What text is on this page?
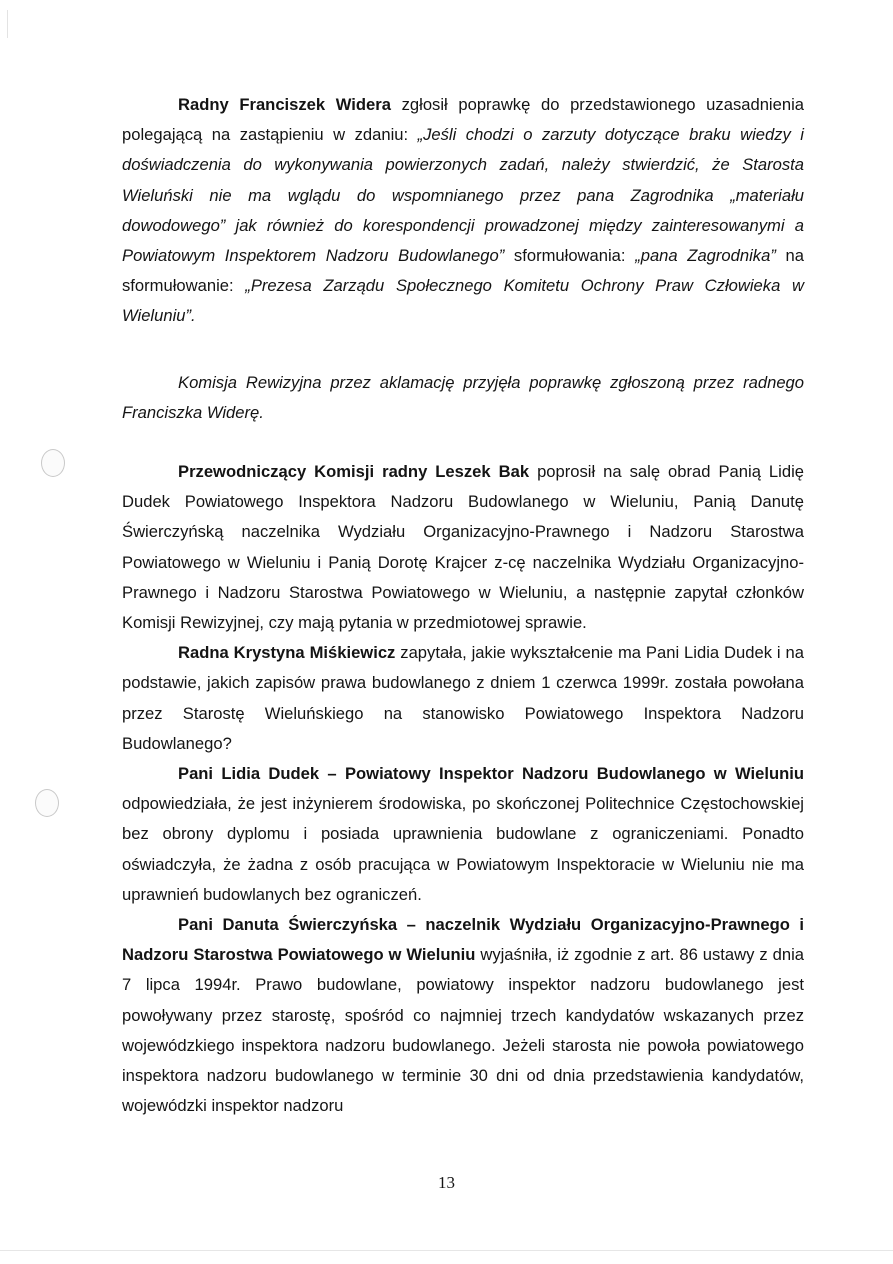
Radny Franciszek Widera zgłosił poprawkę do przedstawionego uzasadnienia polegającą na zastąpieniu w zdaniu: „Jeśli chodzi o zarzuty dotyczące braku wiedzy i doświadczenia do wykonywania powierzonych zadań, należy stwierdzić, że Starosta Wieluński nie ma wglądu do wspomnianego przez pana Zagrodnika „materiału dowodowego” jak również do korespondencji prowadzonej między zainteresowanymi a Powiatowym Inspektorem Nadzoru Budowlanego” sformułowania: „pana Zagrodnika” na sformułowanie: „Prezesa Zarządu Społecznego Komitetu Ochrony Praw Człowieka w Wieluniu”.

Komisja Rewizyjna przez aklamację przyjęła poprawkę zgłoszoną przez radnego Franciszka Widerę.

Przewodniczący Komisji radny Leszek Bak poprosił na salę obrad Panią Lidię Dudek Powiatowego Inspektora Nadzoru Budowlanego w Wieluniu, Panią Danutę Świerczyńską naczelnika Wydziału Organizacyjno-Prawnego i Nadzoru Starostwa Powiatowego w Wieluniu i Panią Dorotę Krajcer z-cę naczelnika Wydziału Organizacyjno-Prawnego i Nadzoru Starostwa Powiatowego w Wieluniu, a następnie zapytał członków Komisji Rewizyjnej, czy mają pytania w przedmiotowej sprawie.

Radna Krystyna Miśkiewicz zapytała, jakie wykształcenie ma Pani Lidia Dudek i na podstawie, jakich zapisów prawa budowlanego z dniem 1 czerwca 1999r. została powołana przez Starostę Wieluńskiego na stanowisko Powiatowego Inspektora Nadzoru Budowlanego?

Pani Lidia Dudek – Powiatowy Inspektor Nadzoru Budowlanego w Wieluniu odpowiedziała, że jest inżynierem środowiska, po skończonej Politechnice Częstochowskiej bez obrony dyplomu i posiada uprawnienia budowlane z ograniczeniami. Ponadto oświadczyła, że żadna z osób pracująca w Powiatowym Inspektoracie w Wieluniu nie ma uprawnień budowlanych bez ograniczeń.

Pani Danuta Świerczyńska – naczelnik Wydziału Organizacyjno-Prawnego i Nadzoru Starostwa Powiatowego w Wieluniu wyjaśniła, iż zgodnie z art. 86 ustawy z dnia 7 lipca 1994r. Prawo budowlane, powiatowy inspektor nadzoru budowlanego jest powoływany przez starostę, spośród co najmniej trzech kandydatów wskazanych przez wojewódzkiego inspektora nadzoru budowlanego. Jeżeli starosta nie powoła powiatowego inspektora nadzoru budowlanego w terminie 30 dni od dnia przedstawienia kandydatów, wojewódzki inspektor nadzoru

13
